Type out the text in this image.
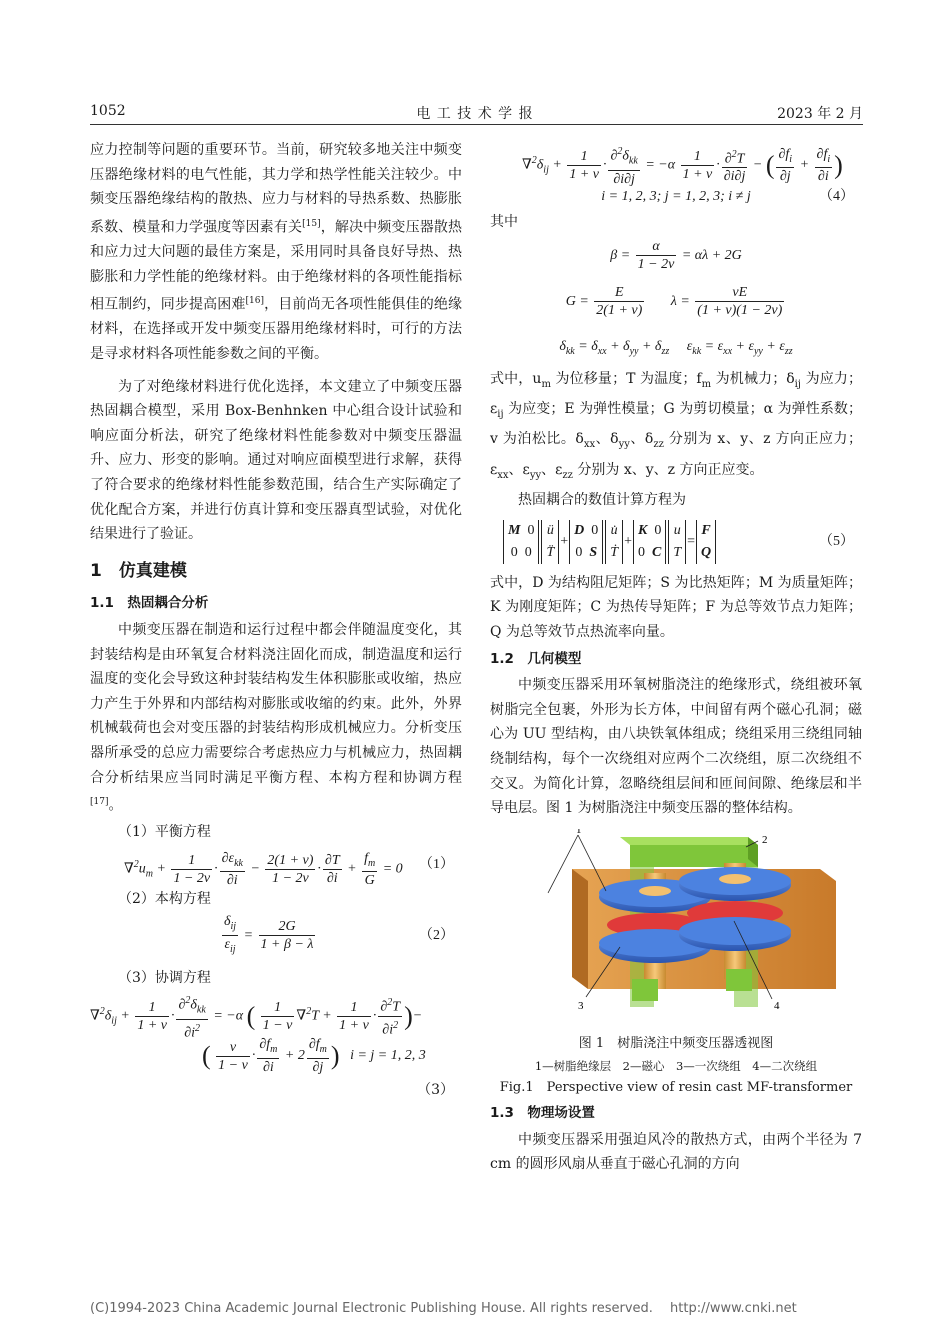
1052	电 工 技 术 学 报	2023 年 2 月

应力控制等问题的重要环节。当前，研究较多地关注中频变压器绝缘材料的电气性能，其力学和热学性能关注较少。中频变压器绝缘结构的散热、应力与材料的导热系数、热膨胀系数、模量和力学强度等因素有关[15]，解决中频变压器散热和应力过大问题的最佳方案是，采用同时具备良好导热、热膨胀和力学性能的绝缘材料。由于绝缘材料的各项性能指标相互制约，同步提高困难[16]，目前尚无各项性能俱佳的绝缘材料，在选择或开发中频变压器用绝缘材料时，可行的方法是寻求材料各项性能参数之间的平衡。

为了对绝缘材料进行优化选择，本文建立了中频变压器热固耦合模型，采用 Box-Benhnken 中心组合设计试验和响应面分析法，研究了绝缘材料性能参数对中频变压器温升、应力、形变的影响。通过对响应面模型进行求解，获得了符合要求的绝缘材料性能参数范围，结合生产实际确定了优化配合方案，并进行仿真计算和变压器真型试验，对优化结果进行了验证。

1　仿真建模
1.1　热固耦合分析

中频变压器在制造和运行过程中都会伴随温度变化，其封装结构是由环氧复合材料浇注固化而成，制造温度和运行温度的变化会导致这种封装结构发生体积膨胀或收缩，热应力产生于外界和内部结构对膨胀或收缩的约束。此外，外界机械载荷也会对变压器的封装结构形成机械应力。分析变压器所承受的总应力需要综合考虑热应力与机械应力，热固耦合分析结果应当同时满足平衡方程、本构方程和协调方程[17]。

（1）平衡方程
$\nabla^2u_m + \frac{1}{1 - 2v} \cdot \frac{\partial\varepsilon_{kk}}{\partial i} - \frac{2(1 + v)}{1 - 2v} \cdot \frac{\partial T}{\partial i} + \frac{f_m}{G} = 0$ （1）
（2）本构方程
$\frac{\delta_{ij}}{\varepsilon_{ij}} = \frac{2G}{1 + \beta - \lambda}$	（2）
（3）协调方程
$\nabla^2\delta_{ij} + \frac{1}{1 + v} \cdot \frac{\partial^2\delta_{kk}}{\partial i^2} = -\alpha$ ( $\frac{1}{1 - v} \nabla^2T + \frac{1}{1 + v} \cdot \frac{\partial^2T}{\partial i^2}$ )−
( $\frac{v}{1 - v} \cdot \frac{\partial f_m}{\partial i} + 2 \frac{\partial f_m}{\partial j}$ ) i = j = 1, 2, 3
（3）
$\nabla^2\delta_{ij} + \frac{1}{1 + v} \cdot \frac{\partial^2\delta_{kk}}{\partial i\partial j} = -\alpha \frac{1}{1 + v} \cdot \frac{\partial^2T}{\partial i\partial j}$ − ( $\frac{\partial f_i}{\partial j} + \frac{\partial f_i}{\partial i}$ )
i = 1, 2, 3; j = 1, 2, 3; i ≠ j	（4）
其中
$\beta = \frac{\alpha}{1 - 2v} = \alpha\lambda + 2G$
$G = \frac{E}{2(1 + v)}$ $\lambda = \frac{vE}{(1 + v)(1 - 2v)}$
$\delta_{kk} = \delta_{xx} + \delta_{yy} + \delta_{zz}$     $\varepsilon_{kk} = \varepsilon_{xx} + \varepsilon_{yy} + \varepsilon_{zz}$

式中，$u_m$ 为位移量；T 为温度；$f_m$ 为机械力；$\delta_{ij}$ 为应力；$\varepsilon_{ij}$ 为应变；E 为弹性模量；G 为剪切模量；α 为弹性系数；v 为泊松比。$\delta_{xx}$、$\delta_{yy}$、$\delta_{zz}$ 分别为 x、y、z 方向正应力；$\varepsilon_{xx}$、$\varepsilon_{yy}$、$\varepsilon_{zz}$ 分别为 x、y、z 方向正应变。

热固耦合的数值计算方程为

M  0
0  0
ü
T̈
+
D  0
0  S
u̇
Ṫ
+
K  0
0  C
u
T
=
F
Q
（5）

式中，D 为结构阻尼矩阵；S 为比热矩阵；M 为质量矩阵；K 为刚度矩阵；C 为热传导矩阵；F 为总等效节点力矩阵；Q 为总等效节点热流率向量。

1.2　几何模型

中频变压器采用环氧树脂浇注的绝缘形式，绕组被环氧树脂完全包裹，外形为长方体，中间留有两个磁心孔洞；磁心为 UU 型结构，由八块铁氧体组成；绕组采用三绕组同轴绕制结构，每个一次绕组对应两个二次绕组，原二次绕组不交叉。为简化计算，忽略绕组层间和匝间间隙、绝缘层和半导电层。图 1 为树脂浇注中频变压器的整体结构。

1
2
3	4
图 1　树脂浇注中频变压器透视图
1—树脂绝缘层　2—磁心　3—一次绕组　4—二次绕组
Fig.1　Perspective view of resin cast MF-transformer
1.3　物理场设置

中频变压器采用强迫风冷的散热方式，由两个半径为 7 cm 的圆形风扇从垂直于磁心孔洞的方向

(C)1994-2023 China Academic Journal Electronic Publishing House. All rights reserved.　 http://www.cnki.net
